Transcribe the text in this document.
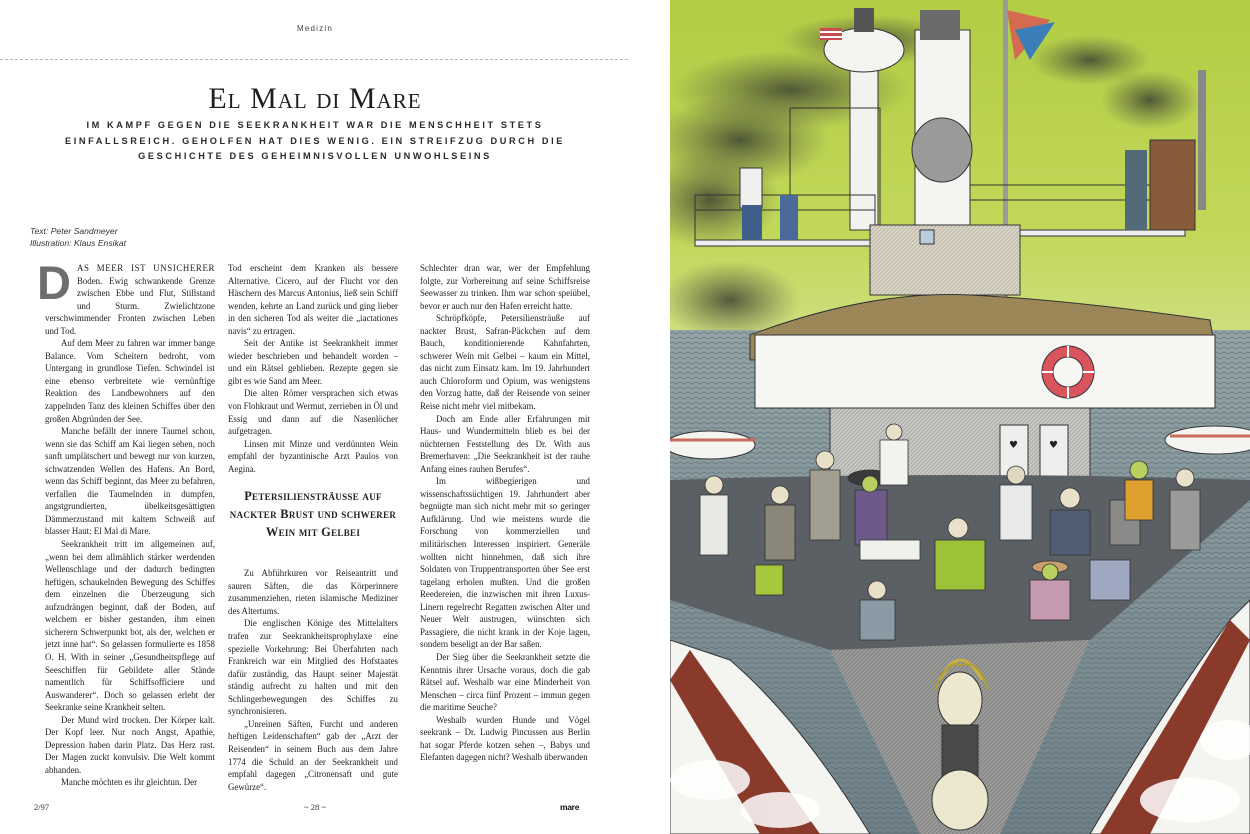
Medizin
El Mal di Mare
IM KAMPF GEGEN DIE SEEKRANKHEIT WAR DIE MENSCHHEIT STETS EINFALLSREICH. GEHOLFEN HAT DIES WENIG. EIN STREIFZUG DURCH DIE GESCHICHTE DES GEHEIMNISVOLLEN UNWOHLSEINS
Text: Peter Sandmeyer
Illustration: Klaus Ensikat

DAS MEER IST UNSICHERER Boden. Ewig schwankende Grenze zwischen Ebbe und Flut, Stillstand und Sturm. Zwielichtzone verschwimmender Fronten zwischen Leben und Tod.

Auf dem Meer zu fahren war immer bange Balance. Vom Scheitern bedroht, vom Untergang in grundlose Tiefen. Schwindel ist eine ebenso verbreitete wie vernünftige Reaktion des Landbewohners auf den zappelnden Tanz des kleinen Schiffes über den großen Abgründen der See.

Manche befällt der innere Taumel schon, wenn sie das Schiff am Kai liegen sehen, noch sanft umplätschert und bewegt nur von kurzen, schwatzenden Wellen des Hafens. An Bord, wenn das Schiff beginnt, das Meer zu befahren, verfallen die Taumelnden in dumpfen, angstgrundierten, übelkeitsgesättigten Dämmerzustand mit kaltem Schweiß auf blasser Haut: El Mal di Mare.

Seekrankheit tritt im allgemeinen auf, „wenn bei dem allmählich stärker werdenden Wellenschlage und der dadurch bedingten heftigen, schaukelnden Bewegung des Schiffes dem einzelnen die Überzeugung sich aufzudrängen beginnt, daß der Boden, auf welchem er bisher gestanden, ihm einen sicherern Schwerpunkt bot, als der, welchen er jetzt inne hat“. So gelassen formulierte es 1858 O. H. With in seiner „Gesundheitspflege auf Seeschiffen für Gebildete aller Stände namentlich für Schiffsofficiere und Auswanderer“. Doch so gelassen erlebt der Seekranke seine Krankheit selten.

Der Mund wird trocken. Der Körper kalt. Der Kopf leer. Nur noch Angst, Apathie, Depression haben darin Platz. Das Herz rast. Der Magen zuckt konvulsiv. Die Welt kommt abhanden.

Manche möchten es ihr gleichtun. Der

Tod erscheint dem Kranken als bessere Alternative. Cicero, auf der Flucht vor den Häschern des Marcus Antonius, ließ sein Schiff wenden, kehrte an Land zurück und ging lieber in den sicheren Tod als weiter die „iactationes navis“ zu ertragen.

Seit der Antike ist Seekrankheit immer wieder beschrieben und behandelt worden – und ein Rätsel geblieben. Rezepte gegen sie gibt es wie Sand am Meer.

Die alten Römer versprachen sich etwas von Flohkraut und Wermut, zerrieben in Öl und Essig und dann auf die Nasenlöcher aufgetragen.

Linsen mit Minze und verdünnten Wein empfahl der byzantinische Arzt Paulos von Aegina.

Petersiliensträusse auf nackter Brust und schwerer Wein mit Gelbei

Zu Abführkuren vor Reiseantritt und sauren Säften, die das Körperinnere zusammenziehen, rieten islamische Mediziner des Altertums.

Die englischen Könige des Mittelalters trafen zur Seekrankheitsprophylaxe eine spezielle Vorkehrung: Bei Überfahrten nach Frankreich war ein Mitglied des Hofstaates dafür zuständig, das Haupt seiner Majestät ständig aufrecht zu halten und mit den Schlingerbewegungen des Schiffes zu synchronisieren.

„Unreinen Säften, Furcht und anderen heftigen Leidenschaften“ gab der „Arzt der Reisenden“ in seinem Buch aus dem Jahre 1774 die Schuld an der Seekrankheit und empfahl dagegen „Citronensaft und gute Gewürze“.

Schlechter dran war, wer der Empfehlung folgte, zur Vorbereitung auf seine Schiffsreise Seewasser zu trinken. Ihm war schon speiübel, bevor er auch nur den Hafen erreicht hatte.

Schröpfköpfe, Petersiliensträuße auf nackter Brust, Safran-Päckchen auf dem Bauch, konditionierende Kahnfahrten, schwerer Wein mit Gelbei – kaum ein Mittel, das nicht zum Einsatz kam. Im 19. Jahrhundert auch Chloroform und Opium, was wenigstens den Vorzug hatte, daß der Reisende von seiner Reise nicht mehr viel mitbekam.

Doch am Ende aller Erfahrungen mit Haus- und Wundermitteln blieb es bei der nüchternen Feststellung des Dr. With aus Bremerhaven: „Die Seekrankheit ist der rauhe Anfang eines rauhen Berufes“.

Im wißbegierigen und wissenschaftssüchtigen 19. Jahrhundert aber begnügte man sich nicht mehr mit so geringer Aufklärung. Und wie meistens wurde die Forschung von kommerziellen und militärischen Interessen inspiriert. Generäle wollten nicht hinnehmen, daß sich ihre Soldaten von Truppentransporten über See erst tagelang erholen mußten. Und die großen Reedereien, die inzwischen mit ihren Luxus-Linern regelrecht Regatten zwischen Alter und Neuer Welt austrugen, wünschten sich Passagiere, die nicht krank in der Koje lagen, sondern beseligt an der Bar saßen.

Der Sieg über die Seekrankheit setzte die Kenntnis ihrer Ursache voraus, doch die gab Rätsel auf. Weshalb war eine Minderheit von Menschen – circa fünf Prozent – immun gegen die maritime Seuche?

Weshalb wurden Hunde und Vögel seekrank – Dr. Ludwig Pincussen aus Berlin hat sogar Pferde kotzen sehen –, Babys und Elefanten dagegen nicht? Weshalb überwanden

2/97	~ 28 ~	mare
♥	♥
